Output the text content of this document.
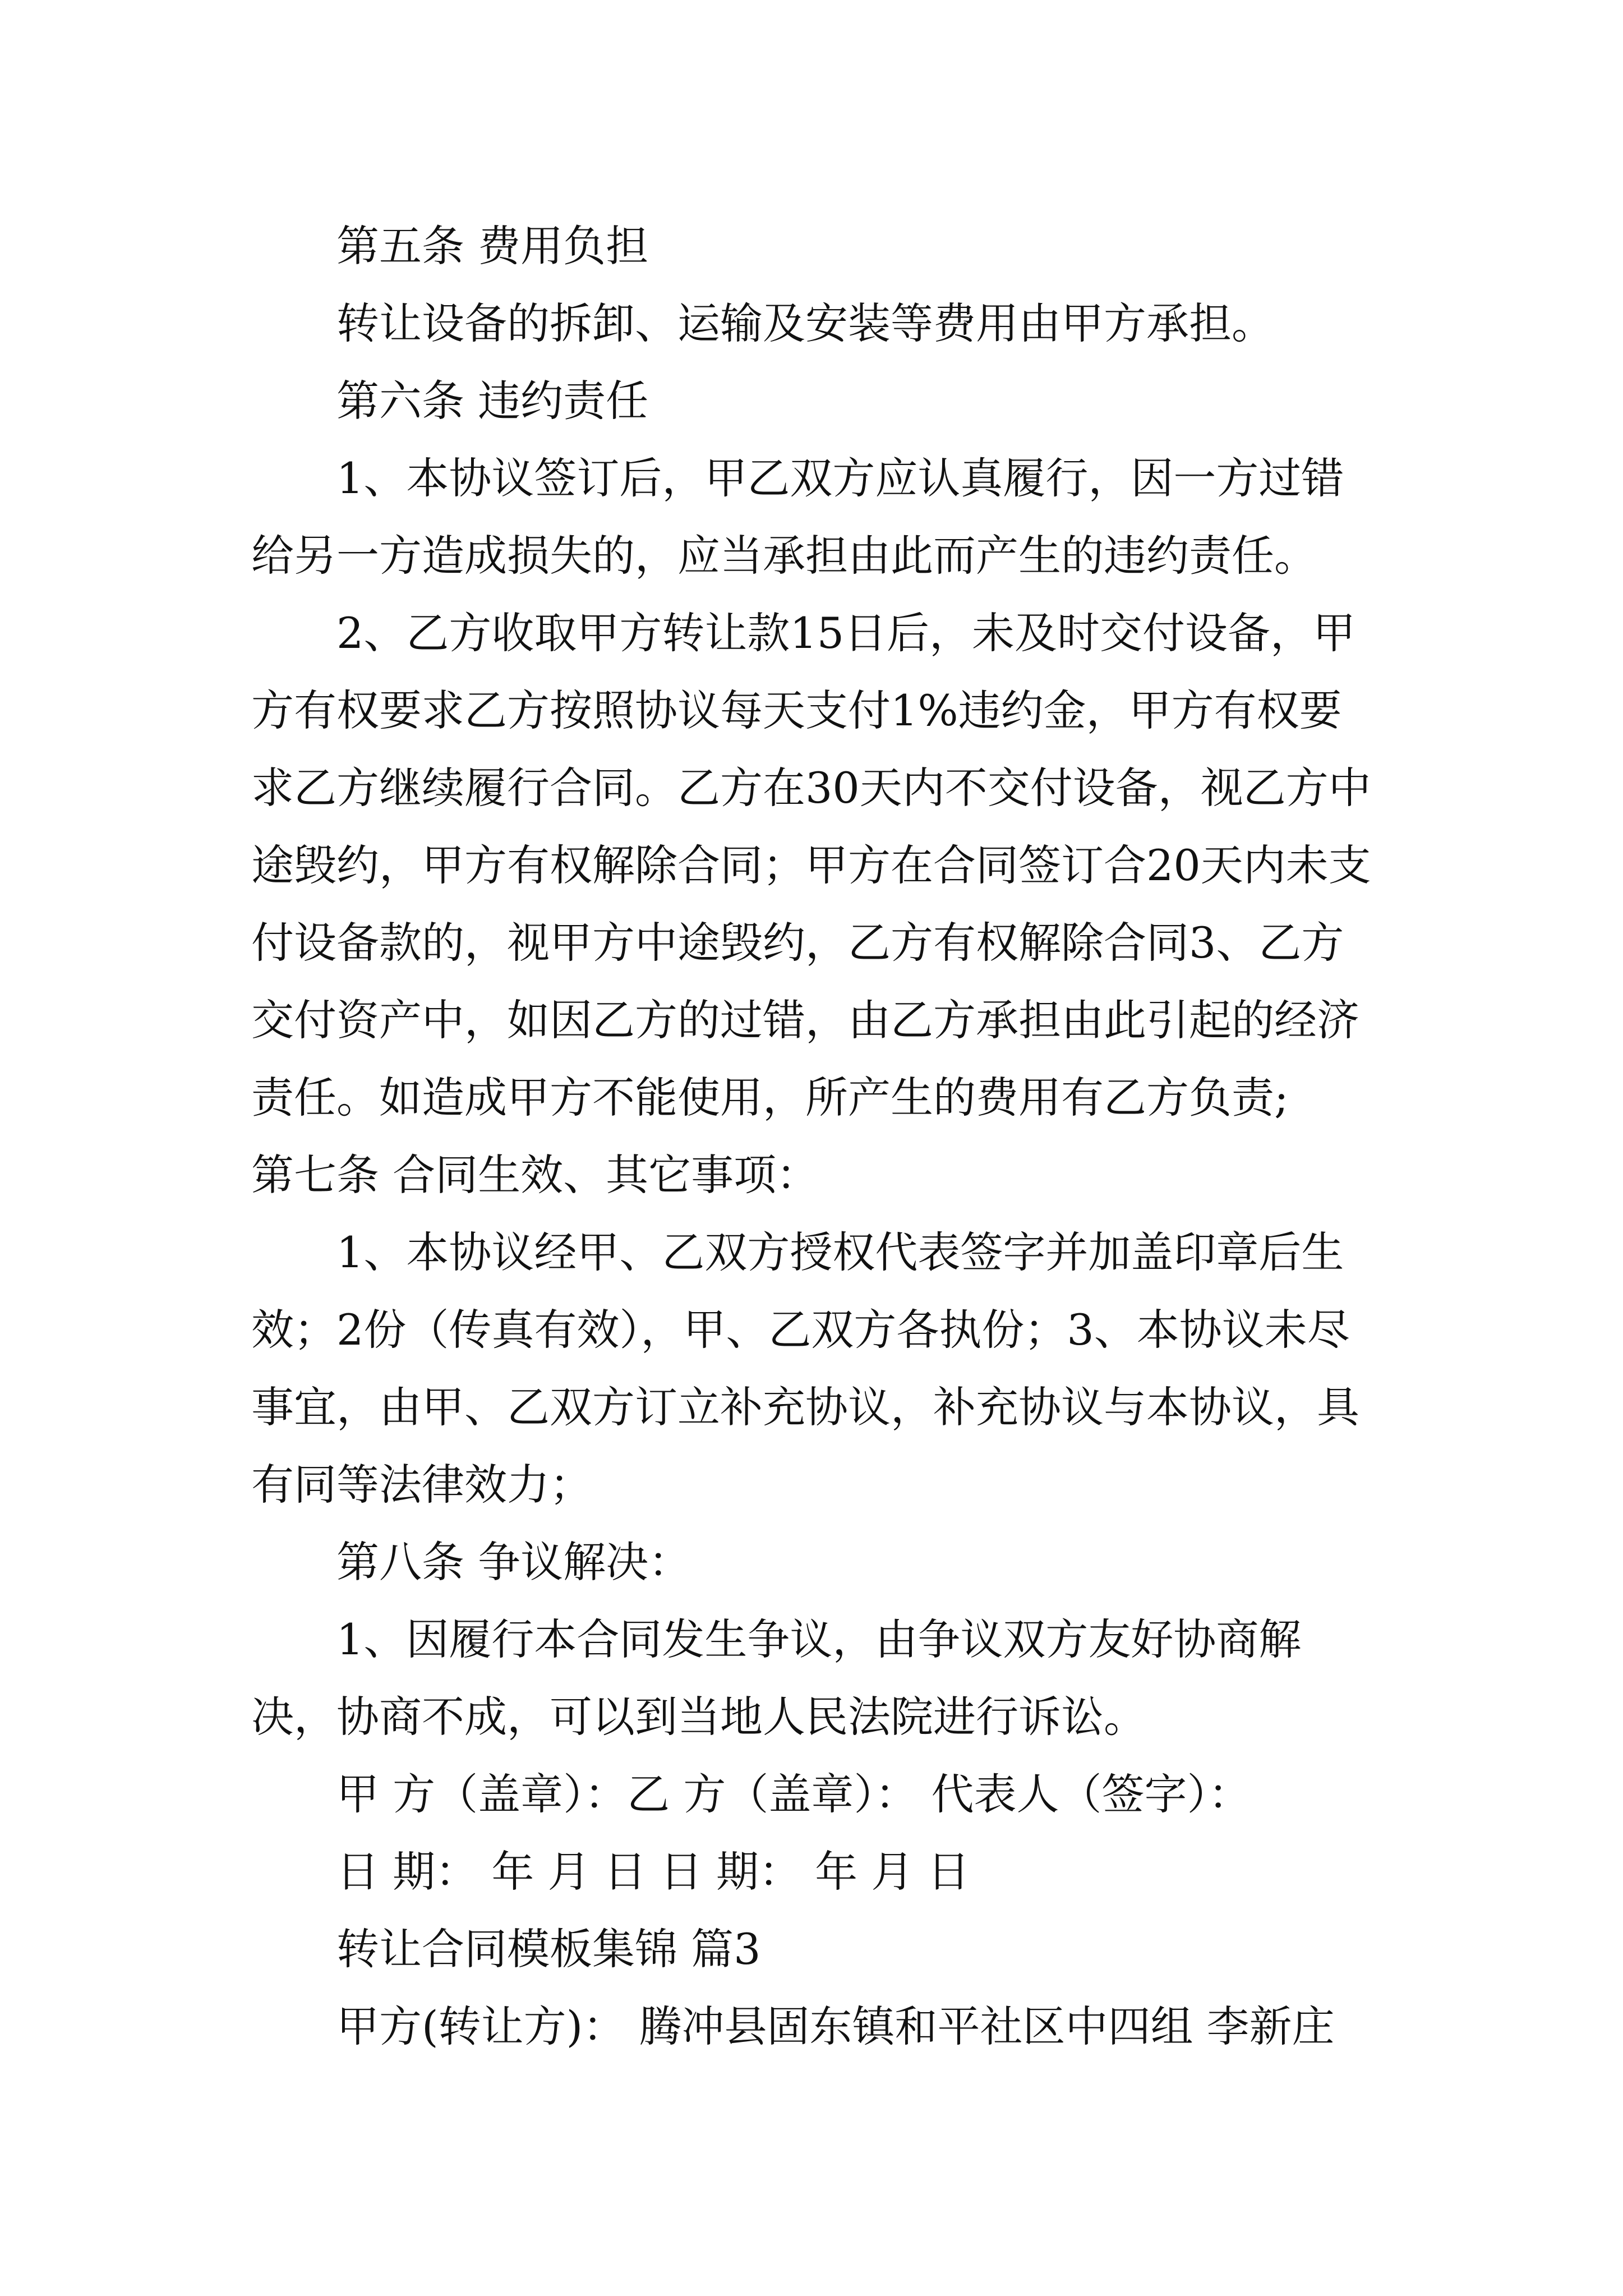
第五条 费用负担

转让设备的拆卸、运输及安装等费用由甲方承担。

第六条 违约责任

1、本协议签订后，甲乙双方应认真履行，因一方过错给另一方造成损失的，应当承担由此而产生的违约责任。

2、乙方收取甲方转让款15日后，未及时交付设备，甲方有权要求乙方按照协议每天支付1%违约金，甲方有权要求乙方继续履行合同。乙方在30天内不交付设备，视乙方中途毁约，甲方有权解除合同；甲方在合同签订合20天内未支付设备款的，视甲方中途毁约，乙方有权解除合同3、乙方交付资产中，如因乙方的过错，由乙方承担由此引起的经济责任。如造成甲方不能使用，所产生的费用有乙方负责;

第七条 合同生效、其它事项：

1、本协议经甲、乙双方授权代表签字并加盖印章后生效；2份（传真有效），甲、乙双方各执份；3、本协议未尽事宜，由甲、乙双方订立补充协议，补充协议与本协议，具有同等法律效力；

第八条 争议解决：

1、因履行本合同发生争议，由争议双方友好协商解决，协商不成，可以到当地人民法院进行诉讼。

甲 方（盖章）：乙 方（盖章）： 代表人（签字）：

日 期： 年 月 日 日 期： 年 月 日

转让合同模板集锦 篇3

甲方(转让方)： 腾冲县固东镇和平社区中四组 李新庄
